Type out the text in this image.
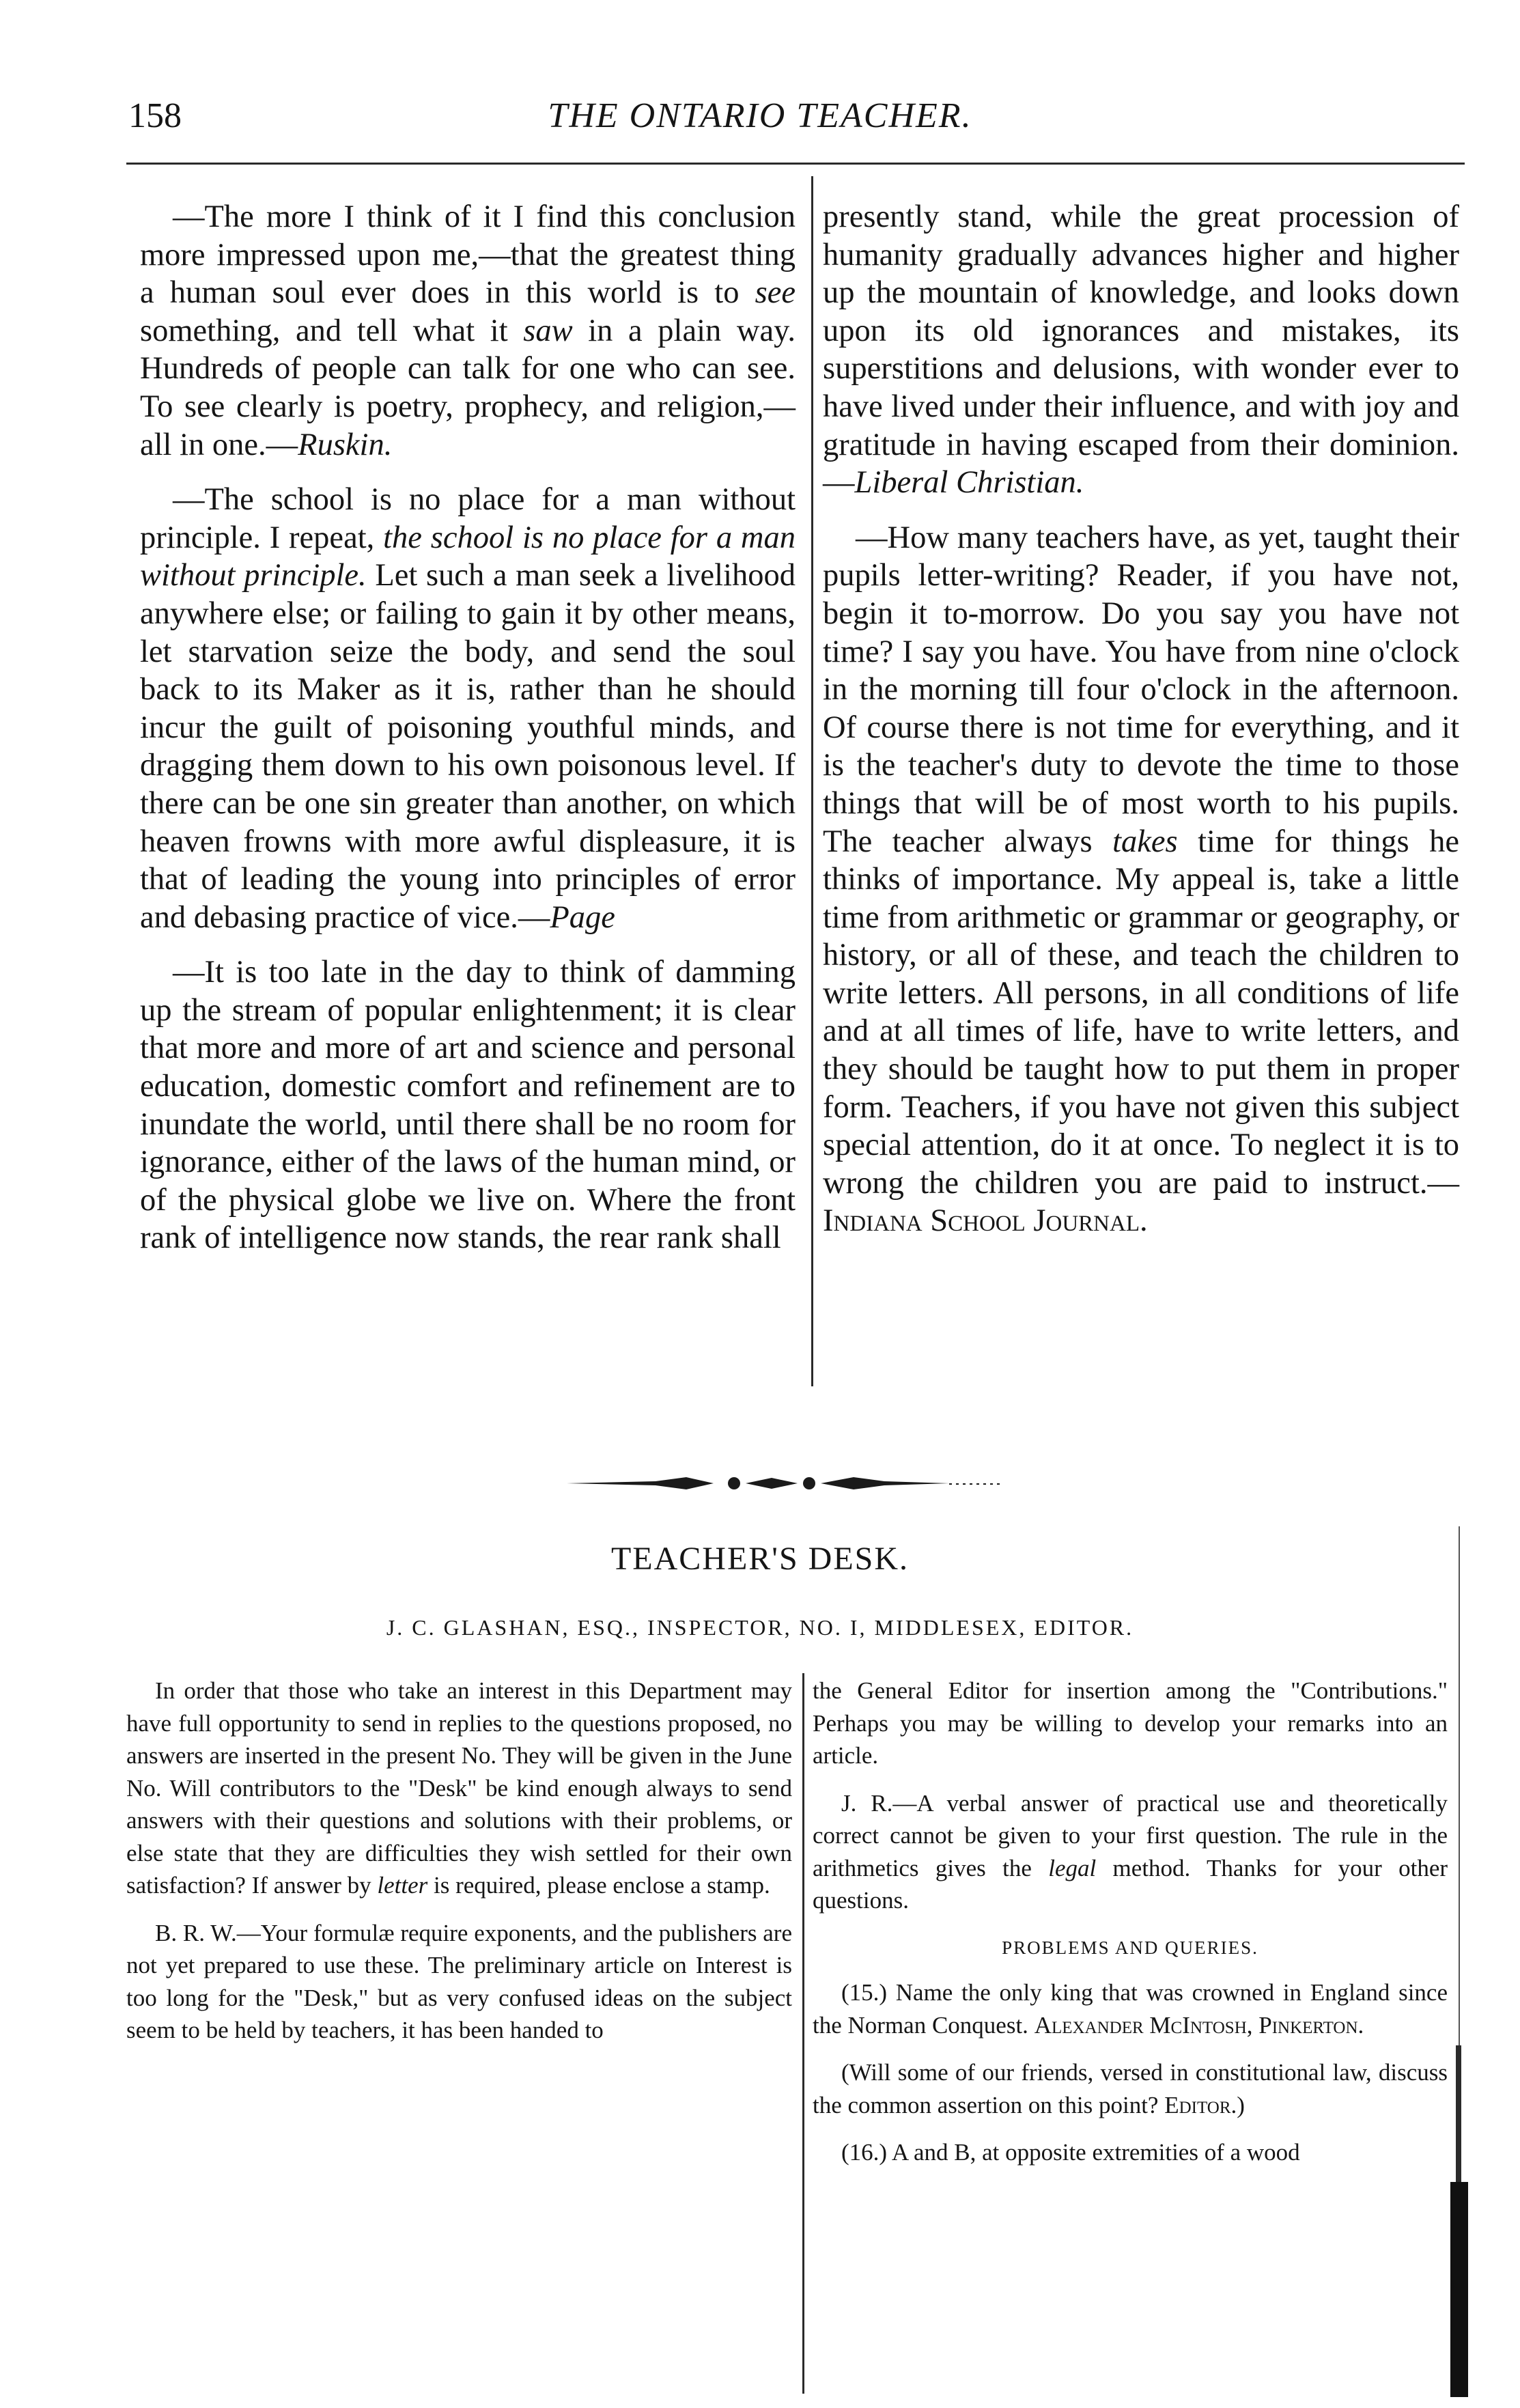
158	THE ONTARIO TEACHER.

—The more I think of it I find this conclusion more impressed upon me,—that the greatest thing a human soul ever does in this world is to see something, and tell what it saw in a plain way. Hundreds of people can talk for one who can see. To see clearly is poetry, prophecy, and religion,—all in one.—Ruskin.

—The school is no place for a man without principle. I repeat, the school is no place for a man without principle. Let such a man seek a livelihood anywhere else; or failing to gain it by other means, let starvation seize the body, and send the soul back to its Maker as it is, rather than he should incur the guilt of poisoning youthful minds, and dragging them down to his own poisonous level. If there can be one sin greater than another, on which heaven frowns with more awful displeasure, it is that of leading the young into principles of error and debasing practice of vice.—Page

—It is too late in the day to think of damming up the stream of popular enlightenment; it is clear that more and more of art and science and personal education, domestic comfort and refinement are to inundate the world, until there shall be no room for ignorance, either of the laws of the human mind, or of the physical globe we live on. Where the front rank of intelligence now stands, the rear rank shall

presently stand, while the great procession of humanity gradually advances higher and higher up the mountain of knowledge, and looks down upon its old ignorances and mistakes, its superstitions and delusions, with wonder ever to have lived under their influence, and with joy and gratitude in having escaped from their dominion.—Liberal Christian.

—How many teachers have, as yet, taught their pupils letter-writing? Reader, if you have not, begin it to-morrow. Do you say you have not time? I say you have. You have from nine o'clock in the morning till four o'clock in the afternoon. Of course there is not time for everything, and it is the teacher's duty to devote the time to those things that will be of most worth to his pupils. The teacher always takes time for things he thinks of importance. My appeal is, take a little time from arithmetic or grammar or geography, or history, or all of these, and teach the children to write letters. All persons, in all conditions of life and at all times of life, have to write letters, and they should be taught how to put them in proper form. Teachers, if you have not given this subject special attention, do it at once. To neglect it is to wrong the children you are paid to instruct.—Indiana School Journal.

TEACHER'S DESK.
J. C. GLASHAN, ESQ., INSPECTOR, NO. I, MIDDLESEX, EDITOR.

In order that those who take an interest in this Department may have full opportunity to send in replies to the questions proposed, no answers are inserted in the present No. They will be given in the June No. Will contributors to the "Desk" be kind enough always to send answers with their questions and solutions with their problems, or else state that they are difficulties they wish settled for their own satisfaction? If answer by letter is required, please enclose a stamp.

B. R. W.—Your formulæ require exponents, and the publishers are not yet prepared to use these. The preliminary article on Interest is too long for the "Desk," but as very confused ideas on the subject seem to be held by teachers, it has been handed to

the General Editor for insertion among the "Contributions." Perhaps you may be willing to develop your remarks into an article.

J. R.—A verbal answer of practical use and theoretically correct cannot be given to your first question. The rule in the arithmetics gives the legal method. Thanks for your other questions.

PROBLEMS AND QUERIES.

(15.) Name the only king that was crowned in England since the Norman Conquest. Alexander McIntosh, Pinkerton.

(Will some of our friends, versed in constitutional law, discuss the common assertion on this point? Editor.)

(16.) A and B, at opposite extremities of a wood
